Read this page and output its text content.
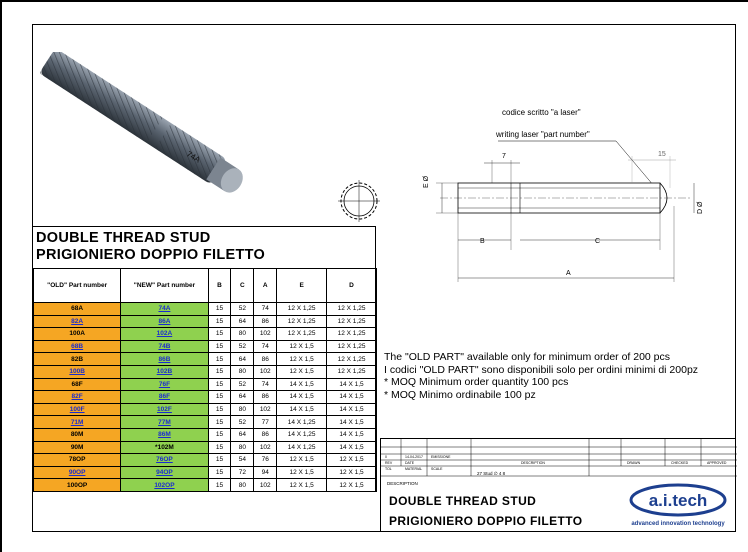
74A
codice scritto "a laser"
writing laser "part number"
E Ø
7	15
D Ø
B	C
A
DOUBLE THREAD STUD
PRIGIONIERO DOPPIO FILETTO
"OLD" Part number	"NEW" Part number	B	C	A	E	D
68A	74A	15	52	74	12 X 1,25	12 X 1,25
82A	86A	15	64	86	12 X 1,25	12 X 1,25
100A	102A	15	80	102	12 X 1,25	12 X 1,25
68B	74B	15	52	74	12 X 1,5	12 X 1,25
82B	86B	15	64	86	12 X 1,5	12 X 1,25
100B	102B	15	80	102	12 X 1,5	12 X 1,25
68F	76F	15	52	74	14 X 1,5	14 X 1,5
82F	86F	15	64	86	14 X 1,5	14 X 1,5
100F	102F	15	80	102	14 X 1,5	14 X 1,5
71M	77M	15	52	77	14 X 1,25	14 X 1,5
80M	86M	15	64	86	14 X 1,25	14 X 1,5
90M	*102M	15	80	102	14 X 1,25	14 X 1,5
78OP	76OP	15	54	76	12 X 1,5	12 X 1,5
90OP	94OP	15	72	94	12 X 1,5	12 X 1,5
100OP	102OP	15	80	102	12 X 1,5	12 X 1,5
The "OLD PART" available only for minimum order of 200 pcs
I codici "OLD PART" sono disponibili solo per ordini minimi di 200pz
* MOQ Minimum order quantity 100 pcs
* MOQ Minimo ordinabile 100 pz
0	14-04-2017 EMISSIONE
REV	DATE	DESCRIPTION	DRAWN	CHECKED	APPROVED
TOL	MATERIAL	SCALE
27 Stud ∅ 4 8
DESCRIPTION
DOUBLE THREAD STUD
PRIGIONIERO DOPPIO FILETTO
a.i.tech
advanced innovation technology
